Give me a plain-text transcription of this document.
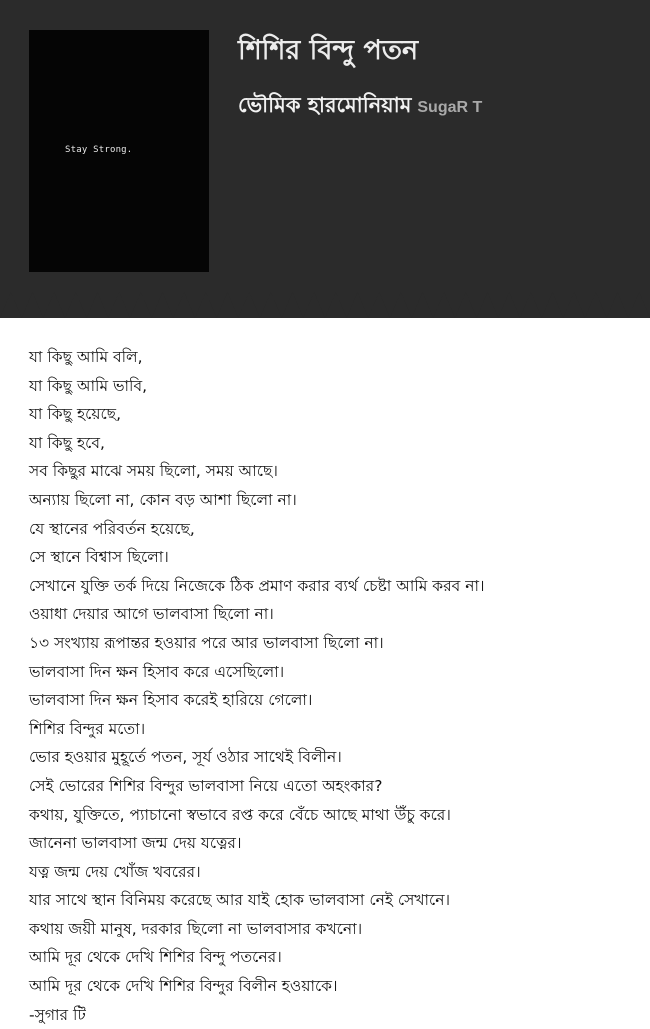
Stay Strong.
শিশির বিন্দু পতন
ভৌমিক হারমোনিয়াম SugaR T
যা কিছু আমি বলি,
যা কিছু আমি ভাবি,
যা কিছু হয়েছে,
যা কিছু হবে,
সব কিছুর মাঝে সময় ছিলো, সময় আছে।
অন্যায় ছিলো না, কোন বড় আশা ছিলো না।
যে স্থানের পরিবর্তন হয়েছে,
সে স্থানে বিশ্বাস ছিলো।
সেখানে যুক্তি তর্ক দিয়ে নিজেকে ঠিক প্রমাণ করার ব্যর্থ চেষ্টা আমি করব না।
ওয়াধা দেয়ার আগে ভালবাসা ছিলো না।
১৩ সংখ্যায় রূপান্তর হওয়ার পরে আর ভালবাসা ছিলো না।
ভালবাসা দিন ক্ষন হিসাব করে এসেছিলো।
ভালবাসা দিন ক্ষন হিসাব করেই হারিয়ে গেলো।
শিশির বিন্দুর মতো।
ভোর হওয়ার মুহূর্তে পতন, সূর্য ওঠার সাথেই বিলীন।
সেই ভোরের শিশির বিন্দুর ভালবাসা নিয়ে এতো অহংকার?
কথায়, যুক্তিতে, প্যাচানো স্বভাবে রপ্ত করে বেঁচে আছে মাথা উঁচু করে।
জানেনা ভালবাসা জন্ম দেয় যত্নের।
যত্ন জন্ম দেয় খোঁজ খবরের।
যার সাথে স্থান বিনিময় করেছে আর যাই হোক ভালবাসা নেই সেখানে।
কথায় জয়ী মানুষ, দরকার ছিলো না ভালবাসার কখনো।
আমি দূর থেকে দেখি শিশির বিন্দু পতনের।
আমি দূর থেকে দেখি শিশির বিন্দুর বিলীন হওয়াকে।
-সুগার টি
